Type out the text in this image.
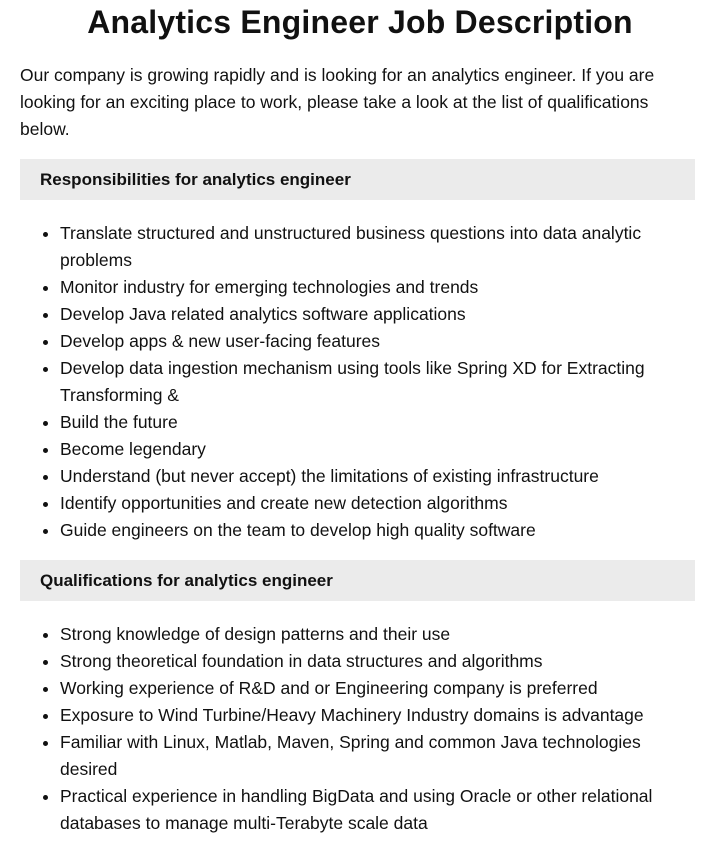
Analytics Engineer Job Description

Our company is growing rapidly and is looking for an analytics engineer. If you are looking for an exciting place to work, please take a look at the list of qualifications below.

Responsibilities for analytics engineer
• Translate structured and unstructured business questions into data analytic problems
• Monitor industry for emerging technologies and trends
• Develop Java related analytics software applications
• Develop apps & new user-facing features
• Develop data ingestion mechanism using tools like Spring XD for Extracting Transforming &
• Build the future
• Become legendary
• Understand (but never accept) the limitations of existing infrastructure
• Identify opportunities and create new detection algorithms
• Guide engineers on the team to develop high quality software
Qualifications for analytics engineer
• Strong knowledge of design patterns and their use
• Strong theoretical foundation in data structures and algorithms
• Working experience of R&D and or Engineering company is preferred
• Exposure to Wind Turbine/Heavy Machinery Industry domains is advantage
• Familiar with Linux, Matlab, Maven, Spring and common Java technologies desired
• Practical experience in handling BigData and using Oracle or other relational databases to manage multi-Terabyte scale data
